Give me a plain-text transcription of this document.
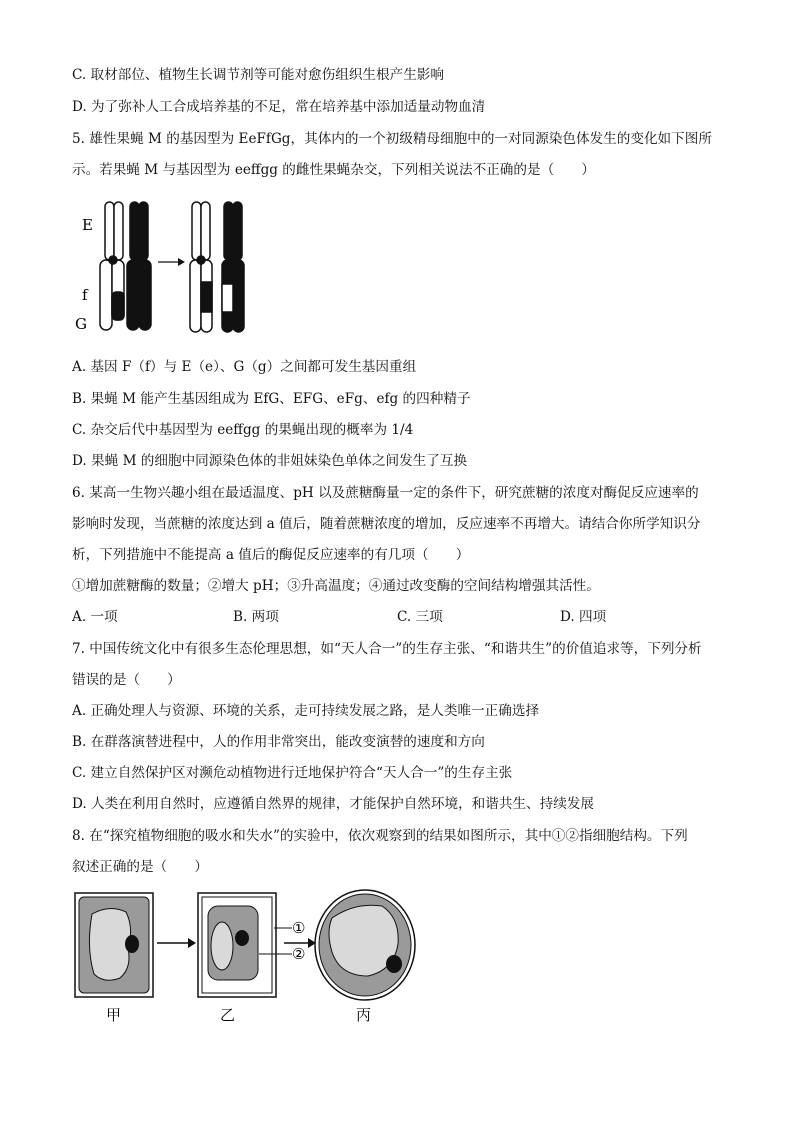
C. 取材部位、植物生长调节剂等可能对愈伤组织生根产生影响
D. 为了弥补人工合成培养基的不足，常在培养基中添加适量动物血清
5. 雄性果蝇 M 的基因型为 EeFfGg，其体内的一个初级精母细胞中的一对同源染色体发生的变化如下图所
示。若果蝇 M 与基因型为 eeffgg 的雌性果蝇杂交，下列相关说法不正确的是（　　）
E
f
G
A. 基因 F（f）与 E（e）、G（g）之间都可发生基因重组
B. 果蝇 M 能产生基因组成为 EfG、EFG、eFg、efg 的四种精子
C. 杂交后代中基因型为 eeffgg 的果蝇出现的概率为 1/4
D. 果蝇 M 的细胞中同源染色体的非姐妹染色单体之间发生了互换
6. 某高一生物兴趣小组在最适温度、pH 以及蔗糖酶量一定的条件下，研究蔗糖的浓度对酶促反应速率的
影响时发现，当蔗糖的浓度达到 a 值后，随着蔗糖浓度的增加，反应速率不再增大。请结合你所学知识分
析，下列措施中不能提高 a 值后的酶促反应速率的有几项（　　）
①增加蔗糖酶的数量；②增大 pH；③升高温度；④通过改变酶的空间结构增强其活性。
A. 一项	B. 两项	C. 三项	D. 四项
7. 中国传统文化中有很多生态伦理思想，如“天人合一”的生存主张、“和谐共生”的价值追求等，下列分析
错误的是（　　）
A. 正确处理人与资源、环境的关系，走可持续发展之路，是人类唯一正确选择
B. 在群落演替进程中，人的作用非常突出，能改变演替的速度和方向
C. 建立自然保护区对濒危动植物进行迁地保护符合“天人合一”的生存主张
D. 人类在利用自然时，应遵循自然界的规律，才能保护自然环境，和谐共生、持续发展
8. 在“探究植物细胞的吸水和失水”的实验中，依次观察到的结果如图所示，其中①②指细胞结构。下列
叙述正确的是（　　）
①
②
甲	乙	丙
